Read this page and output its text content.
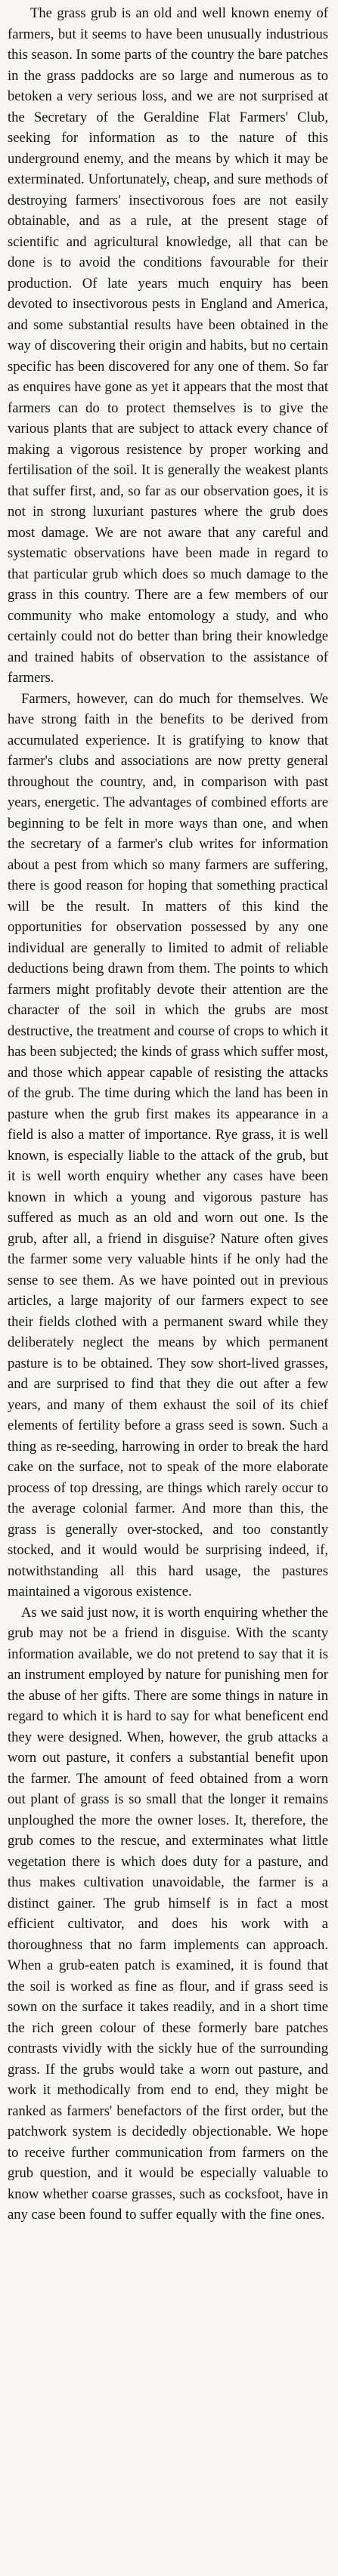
The grass grub is an old and well known enemy of farmers, but it seems to have been unusually industrious this season. In some parts of the country the bare patches in the grass paddocks are so large and numerous as to betoken a very serious loss, and we are not surprised at the Secretary of the Geraldine Flat Farmers' Club, seeking for information as to the nature of this underground enemy, and the means by which it may be exterminated. Unfortunately, cheap, and sure methods of destroying farmers' insectivorous foes are not easily obtainable, and as a rule, at the present stage of scientific and agricultural knowledge, all that can be done is to avoid the conditions favourable for their production. Of late years much enquiry has been devoted to insectivorous pests in England and America, and some substantial results have been obtained in the way of discovering their origin and habits, but no certain specific has been discovered for any one of them. So far as enquires have gone as yet it appears that the most that farmers can do to protect themselves is to give the various plants that are subject to attack every chance of making a vigorous resistence by proper working and fertilisation of the soil. It is generally the weakest plants that suffer first, and, so far as our observation goes, it is not in strong luxuriant pastures where the grub does most damage. We are not aware that any careful and systematic observations have been made in regard to that particular grub which does so much damage to the grass in this country. There are a few members of our community who make entomology a study, and who certainly could not do better than bring their knowledge and trained habits of observation to the assistance of farmers.

Farmers, however, can do much for themselves. We have strong faith in the benefits to be derived from accumulated experience. It is gratifying to know that farmer's clubs and associations are now pretty general throughout the country, and, in comparison with past years, energetic. The advantages of combined efforts are beginning to be felt in more ways than one, and when the secretary of a farmer's club writes for information about a pest from which so many farmers are suffering, there is good reason for hoping that something practical will be the result. In matters of this kind the opportunities for observation possessed by any one individual are generally to limited to admit of reliable deductions being drawn from them. The points to which farmers might profitably devote their attention are the character of the soil in which the grubs are most destructive, the treatment and course of crops to which it has been subjected; the kinds of grass which suffer most, and those which appear capable of resisting the attacks of the grub. The time during which the land has been in pasture when the grub first makes its appearance in a field is also a matter of importance. Rye grass, it is well known, is especially liable to the attack of the grub, but it is well worth enquiry whether any cases have been known in which a young and vigorous pasture has suffered as much as an old and worn out one. Is the grub, after all, a friend in disguise? Nature often gives the farmer some very valuable hints if he only had the sense to see them. As we have pointed out in previous articles, a large majority of our farmers expect to see their fields clothed with a permanent sward while they deliberately neglect the means by which permanent pasture is to be obtained. They sow short-lived grasses, and are surprised to find that they die out after a few years, and many of them exhaust the soil of its chief elements of fertility before a grass seed is sown. Such a thing as re-seeding, harrowing in order to break the hard cake on the surface, not to speak of the more elaborate process of top dressing, are things which rarely occur to the average colonial farmer. And more than this, the grass is generally over-stocked, and too constantly stocked, and it would would be surprising indeed, if, notwithstanding all this hard usage, the pastures maintained a vigorous existence.

As we said just now, it is worth enquiring whether the grub may not be a friend in disguise. With the scanty information available, we do not pretend to say that it is an instrument employed by nature for punishing men for the abuse of her gifts. There are some things in nature in regard to which it is hard to say for what beneficent end they were designed. When, however, the grub attacks a worn out pasture, it confers a substantial benefit upon the farmer. The amount of feed obtained from a worn out plant of grass is so small that the longer it remains unploughed the more the owner loses. It, therefore, the grub comes to the rescue, and exterminates what little vegetation there is which does duty for a pasture, and thus makes cultivation unavoidable, the farmer is a distinct gainer. The grub himself is in fact a most efficient cultivator, and does his work with a thoroughness that no farm implements can approach. When a grub-eaten patch is examined, it is found that the soil is worked as fine as flour, and if grass seed is sown on the surface it takes readily, and in a short time the rich green colour of these formerly bare patches contrasts vividly with the sickly hue of the surrounding grass. If the grubs would take a worn out pasture, and work it methodically from end to end, they might be ranked as farmers' benefactors of the first order, but the patchwork system is decidedly objectionable. We hope to receive further communication from farmers on the grub question, and it would be especially valuable to know whether coarse grasses, such as cocksfoot, have in any case been found to suffer equally with the fine ones.
